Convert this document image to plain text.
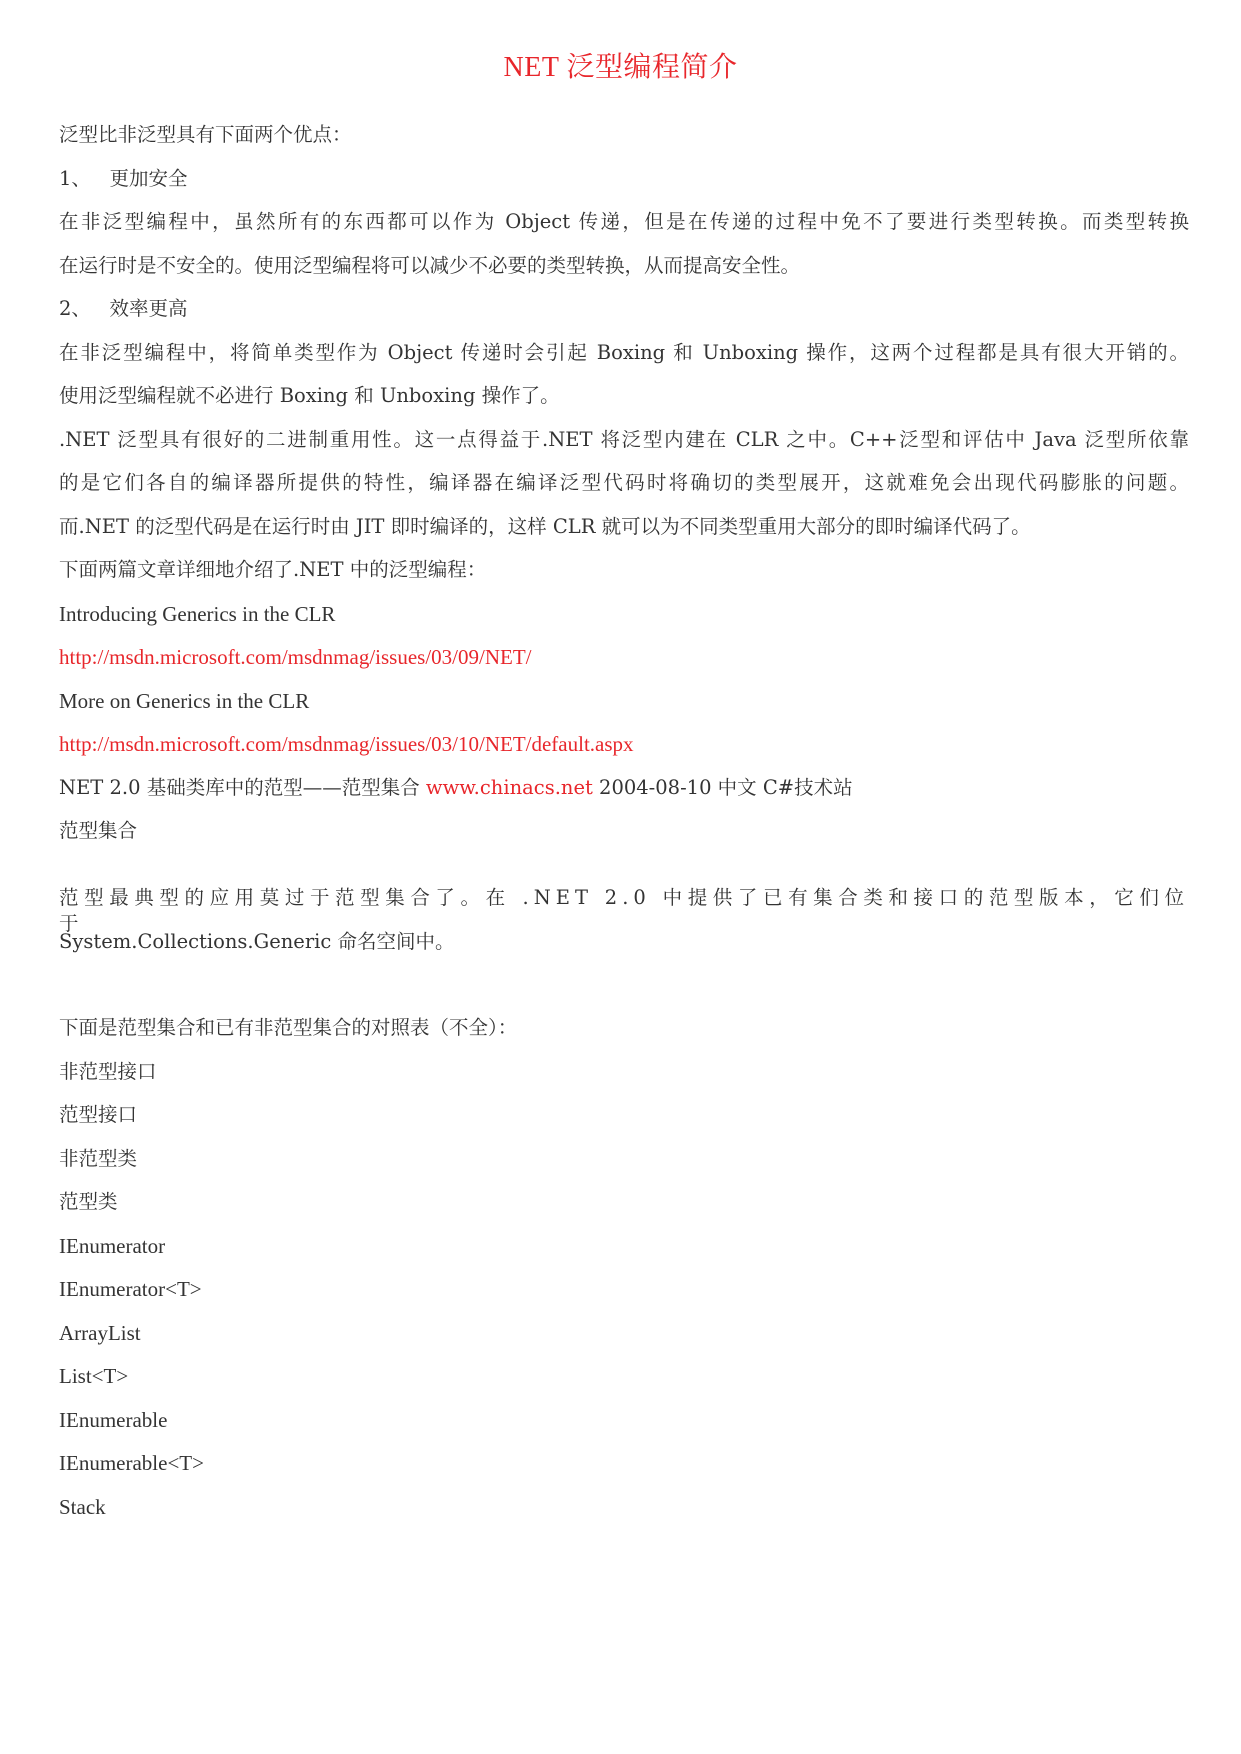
NET 泛型编程简介
泛型比非泛型具有下面两个优点：
1、 更加安全
在非泛型编程中，虽然所有的东西都可以作为 Object 传递，但是在传递的过程中免不了要进行类型转换。而类型转换
在运行时是不安全的。使用泛型编程将可以减少不必要的类型转换，从而提高安全性。
2、 效率更高
在非泛型编程中，将简单类型作为 Object 传递时会引起 Boxing 和 Unboxing 操作，这两个过程都是具有很大开销的。
使用泛型编程就不必进行 Boxing 和 Unboxing 操作了。
.NET 泛型具有很好的二进制重用性。这一点得益于.NET 将泛型内建在 CLR 之中。C++泛型和评估中 Java 泛型所依靠
的是它们各自的编译器所提供的特性，编译器在编译泛型代码时将确切的类型展开，这就难免会出现代码膨胀的问题。
而.NET 的泛型代码是在运行时由 JIT 即时编译的，这样 CLR 就可以为不同类型重用大部分的即时编译代码了。
下面两篇文章详细地介绍了.NET 中的泛型编程：
Introducing Generics in the CLR
http://msdn.microsoft.com/msdnmag/issues/03/09/NET/
More on Generics in the CLR
http://msdn.microsoft.com/msdnmag/issues/03/10/NET/default.aspx
NET 2.0 基础类库中的范型——范型集合 www.chinacs.net 2004-08-10 中文 C#技术站
范型集合
范型最典型的应用莫过于范型集合了。在 .NET 2.0 中提供了已有集合类和接口的范型版本，它们位于
System.Collections.Generic 命名空间中。
下面是范型集合和已有非范型集合的对照表（不全）：
非范型接口
范型接口
非范型类
范型类
IEnumerator
IEnumerator<T>
ArrayList
List<T>
IEnumerable
IEnumerable<T>
Stack
